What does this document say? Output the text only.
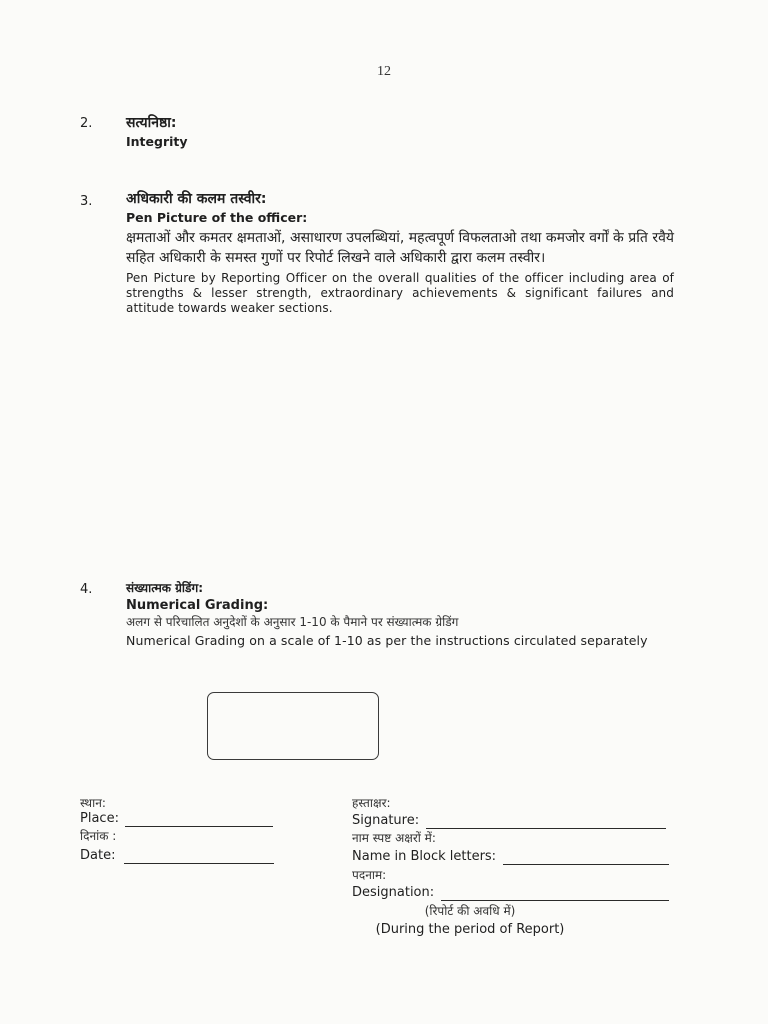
12
2. सत्यनिष्ठा:
Integrity
3. अधिकारी की कलम तस्वीर:
Pen Picture of the officer:
क्षमताओं और कमतर क्षमताओं, असाधारण उपलब्धियां, महत्वपूर्ण विफलताओ तथा कमजोर वर्गों के प्रति रवैये सहित अधिकारी के समस्त गुणों पर रिपोर्ट लिखने वाले अधिकारी द्वारा कलम तस्वीर।
Pen Picture by Reporting Officer on the overall qualities of the officer including area of strengths & lesser strength, extraordinary achievements & significant failures and attitude towards weaker sections.
4.	संख्यात्मक ग्रेडिंग:
Numerical Grading:
अलग से परिचालित अनुदेशों के अनुसार 1-10 के पैमाने पर संख्यात्मक ग्रेडिंग
Numerical Grading on a scale of 1-10 as per the instructions circulated separately
स्थान:
Place:
दिनांक :
Date:
हस्ताक्षर:
Signature:
नाम स्पष्ट अक्षरों में:
Name in Block letters:
पदनाम:
Designation:
(रिपोर्ट की अवधि में)
(During the period of Report)
